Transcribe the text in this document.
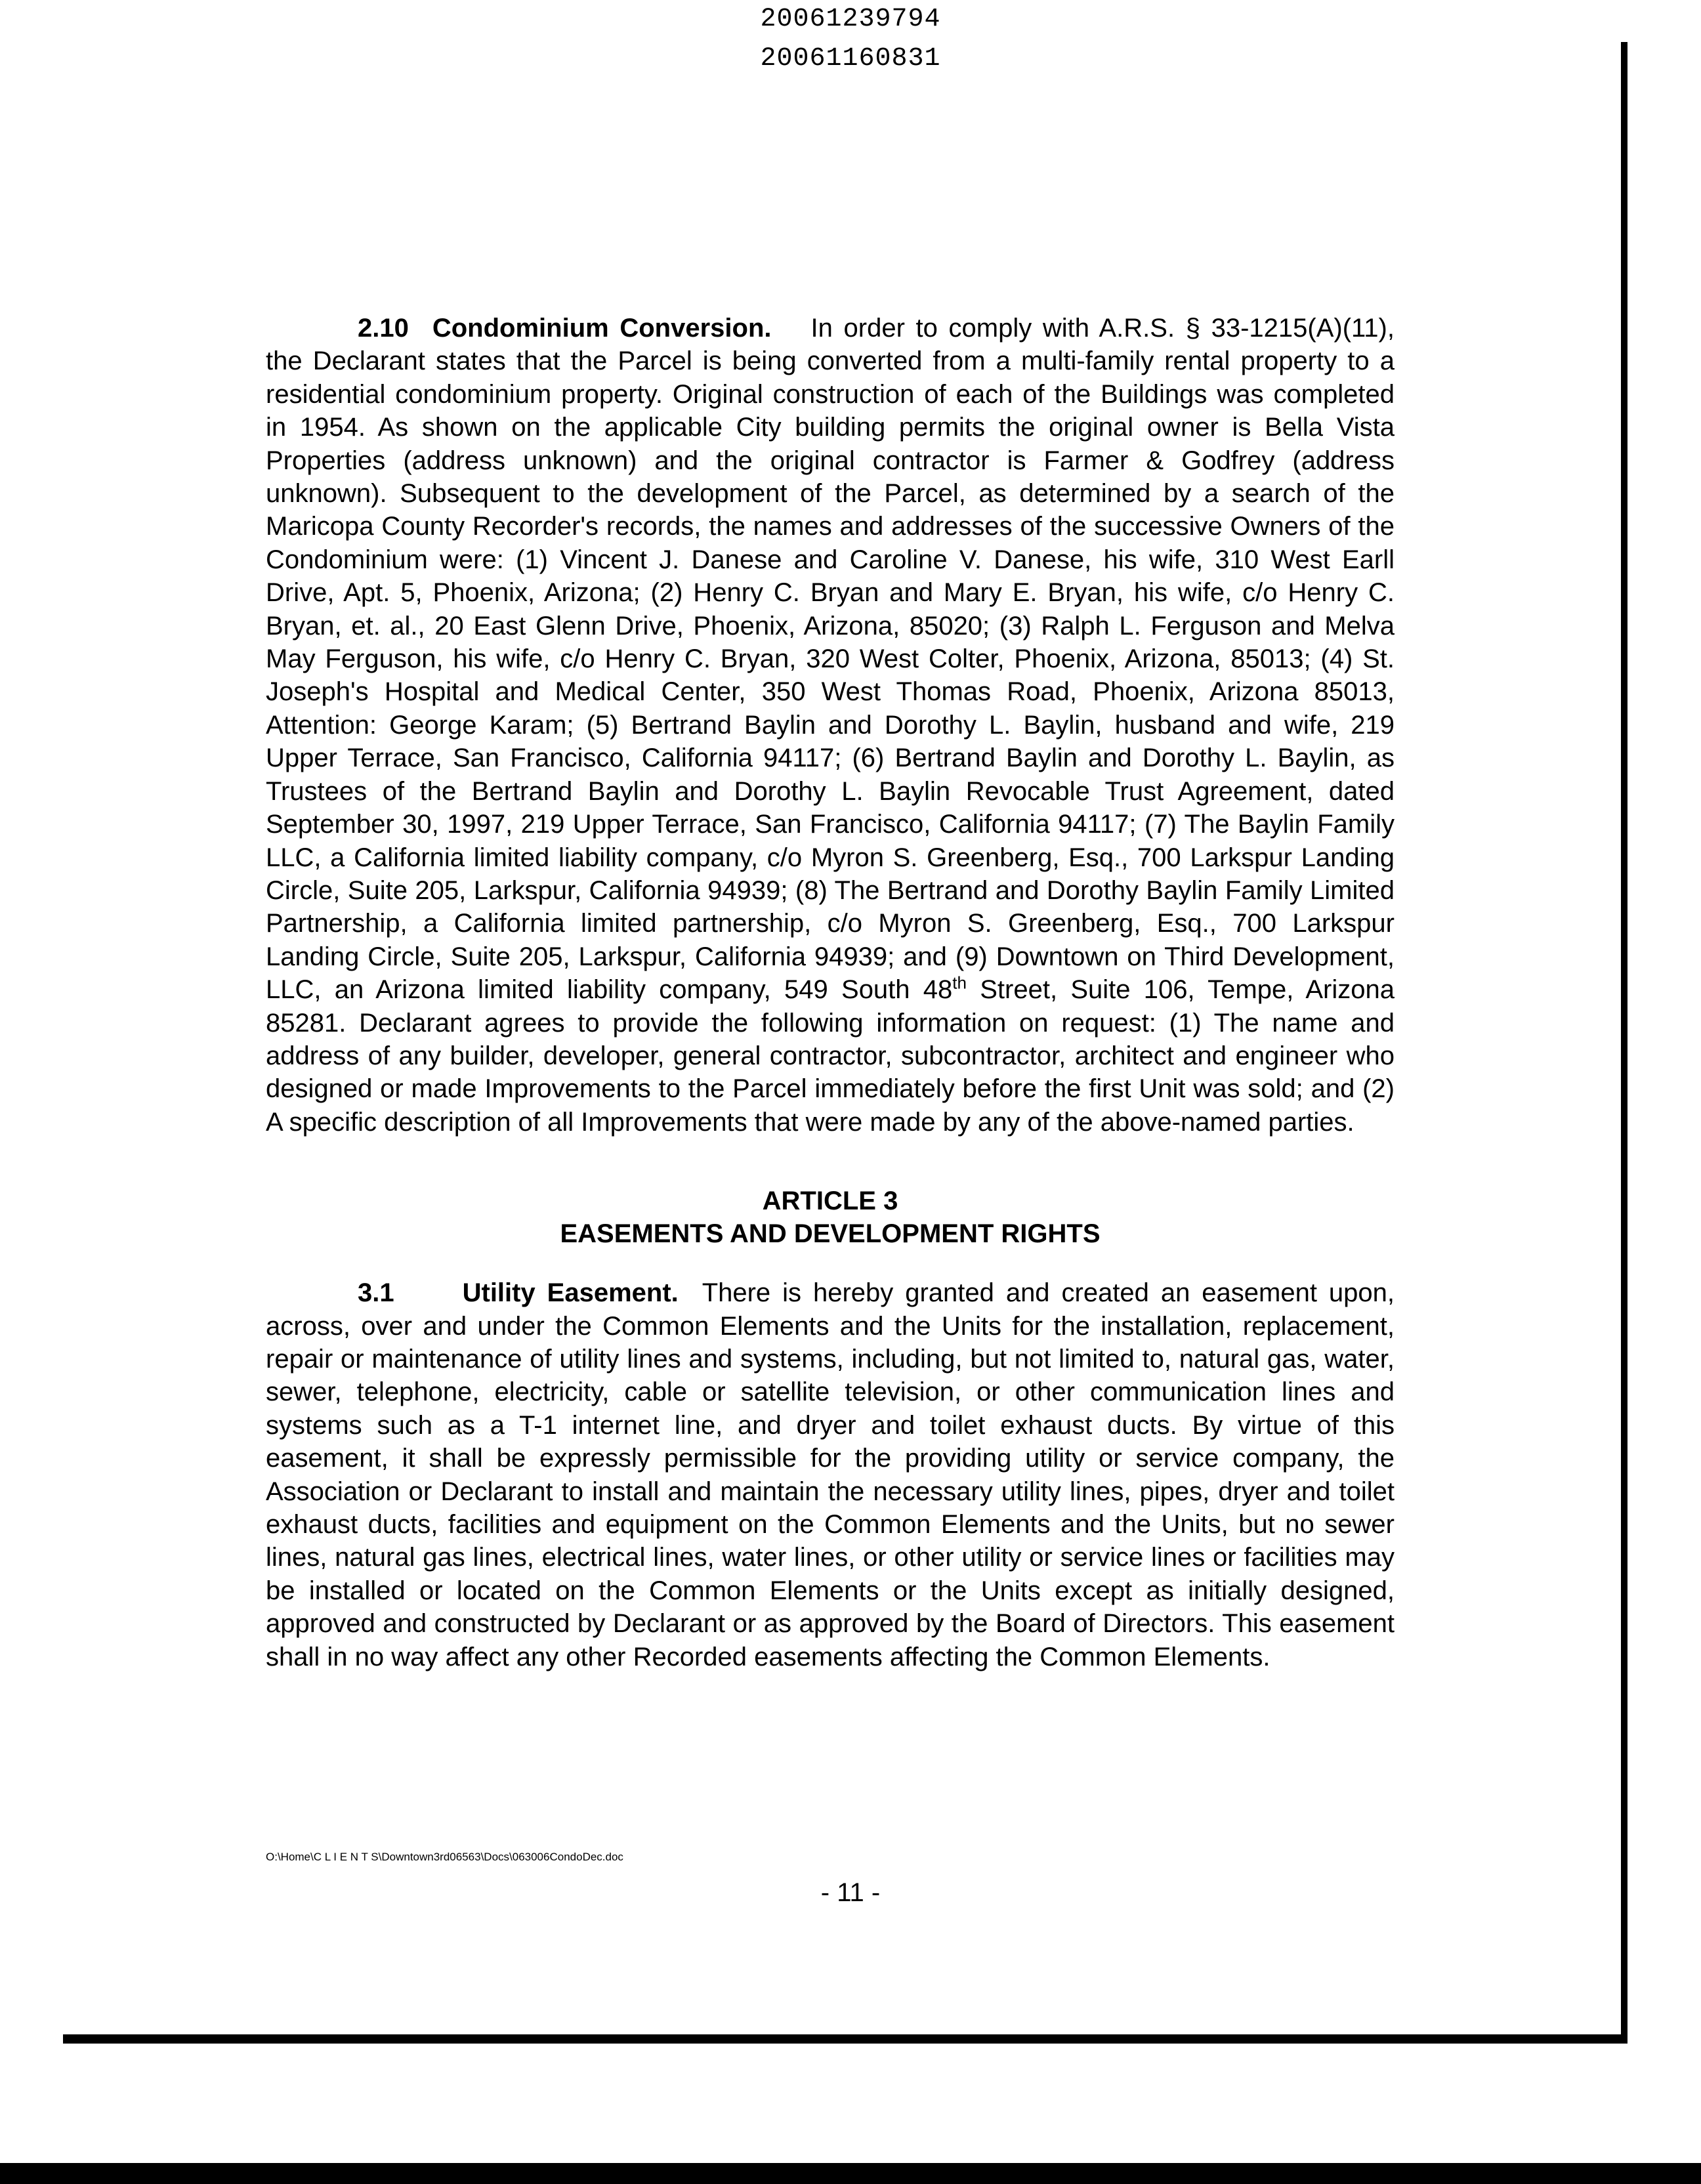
20061239794
20061160831

2.10 Condominium Conversion. In order to comply with A.R.S. § 33-1215(A)(11), the Declarant states that the Parcel is being converted from a multi-family rental property to a residential condominium property. Original construction of each of the Buildings was completed in 1954. As shown on the applicable City building permits the original owner is Bella Vista Properties (address unknown) and the original contractor is Farmer & Godfrey (address unknown). Subsequent to the development of the Parcel, as determined by a search of the Maricopa County Recorder's records, the names and addresses of the successive Owners of the Condominium were: (1) Vincent J. Danese and Caroline V. Danese, his wife, 310 West Earll Drive, Apt. 5, Phoenix, Arizona; (2) Henry C. Bryan and Mary E. Bryan, his wife, c/o Henry C. Bryan, et. al., 20 East Glenn Drive, Phoenix, Arizona, 85020; (3) Ralph L. Ferguson and Melva May Ferguson, his wife, c/o Henry C. Bryan, 320 West Colter, Phoenix, Arizona, 85013; (4) St. Joseph's Hospital and Medical Center, 350 West Thomas Road, Phoenix, Arizona 85013, Attention: George Karam; (5) Bertrand Baylin and Dorothy L. Baylin, husband and wife, 219 Upper Terrace, San Francisco, California 94117; (6) Bertrand Baylin and Dorothy L. Baylin, as Trustees of the Bertrand Baylin and Dorothy L. Baylin Revocable Trust Agreement, dated September 30, 1997, 219 Upper Terrace, San Francisco, California 94117; (7) The Baylin Family LLC, a California limited liability company, c/o Myron S. Greenberg, Esq., 700 Larkspur Landing Circle, Suite 205, Larkspur, California 94939; (8) The Bertrand and Dorothy Baylin Family Limited Partnership, a California limited partnership, c/o Myron S. Greenberg, Esq., 700 Larkspur Landing Circle, Suite 205, Larkspur, California 94939; and (9) Downtown on Third Development, LLC, an Arizona limited liability company, 549 South 48th Street, Suite 106, Tempe, Arizona 85281. Declarant agrees to provide the following information on request: (1) The name and address of any builder, developer, general contractor, subcontractor, architect and engineer who designed or made Improvements to the Parcel immediately before the first Unit was sold; and (2) A specific description of all Improvements that were made by any of the above-named parties.

ARTICLE 3
EASEMENTS AND DEVELOPMENT RIGHTS

3.1	Utility Easement. There is hereby granted and created an easement upon, across, over and under the Common Elements and the Units for the installation, replacement, repair or maintenance of utility lines and systems, including, but not limited to, natural gas, water, sewer, telephone, electricity, cable or satellite television, or other communication lines and systems such as a T-1 internet line, and dryer and toilet exhaust ducts. By virtue of this easement, it shall be expressly permissible for the providing utility or service company, the Association or Declarant to install and maintain the necessary utility lines, pipes, dryer and toilet exhaust ducts, facilities and equipment on the Common Elements and the Units, but no sewer lines, natural gas lines, electrical lines, water lines, or other utility or service lines or facilities may be installed or located on the Common Elements or the Units except as initially designed, approved and constructed by Declarant or as approved by the Board of Directors. This easement shall in no way affect any other Recorded easements affecting the Common Elements.

O:\Home\C L I E N T S\Downtown3rd06563\Docs\063006CondoDec.doc
- 11 -
